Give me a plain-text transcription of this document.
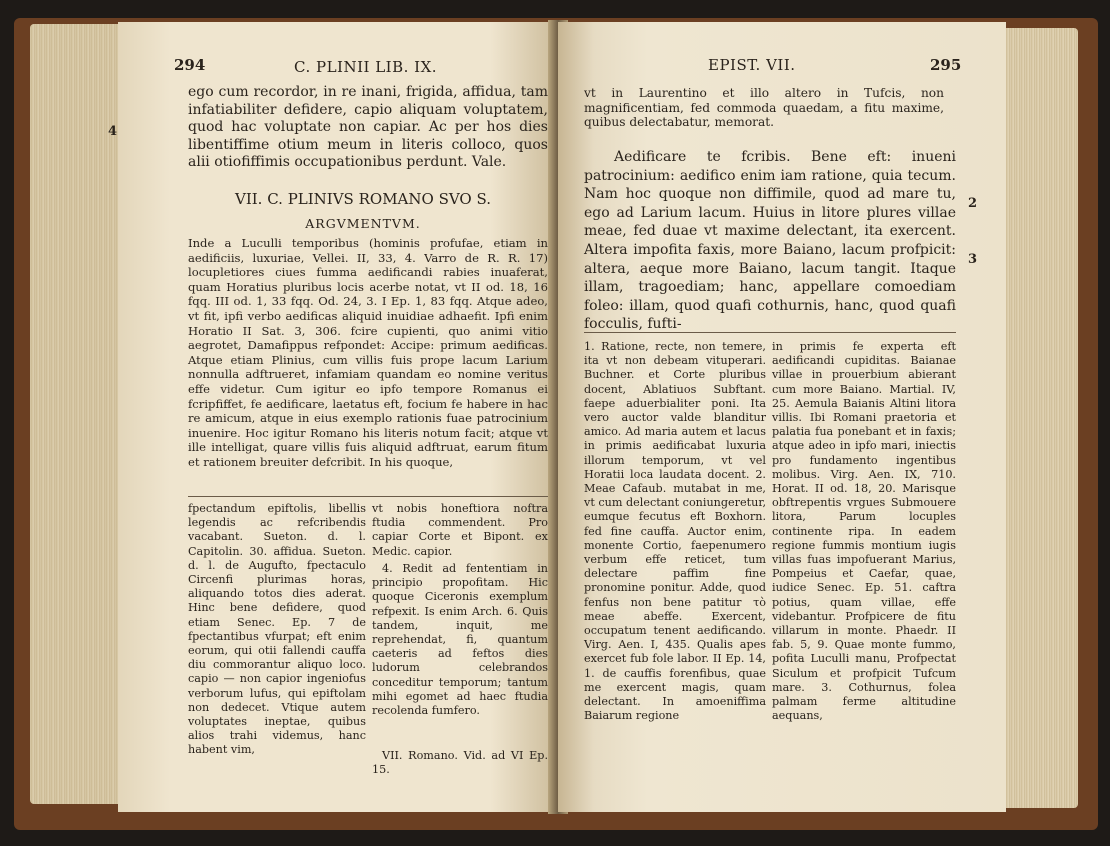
294	C. PLINII LIB. IX.

ego cum recordor, in re inani, frigida, affidua, tam infatiabiliter defidere, capio aliquam voluptatem, quod hac voluptate non capiar. Ac per hos dies libentiffime otium meum in literis colloco, quos alii otiofiffimis occupationibus perdunt. Vale.

VII. C. PLINIVS ROMANO SVO S.

ARGVMENTVM.

Inde a Luculli temporibus (hominis profufae, etiam in aedificiis, luxuriae, Vellei. II, 33, 4. Varro de R. R. 17) locupletiores ciues fumma aedificandi rabies inuaferat, quam Horatius pluribus locis acerbe notat, vt II od. 18, 16 fqq. III od. 1, 33 fqq. Od. 24, 3. I Ep. 1, 83 fqq. Atque adeo, vt fit, ipfi verbo aedificas aliquid inuidiae adhaefit. Ipfi enim Horatio II Sat. 3, 306. fcire cupienti, quo animi vitio aegrotet, Damafippus refpondet: Accipe: primum aedificas. Atque etiam Plinius, cum villis fuis prope lacum Larium nonnulla adftrueret, infamiam quandam eo nomine veritus effe videtur. Cum igitur eo ipfo tempore Romanus ei fcripfiffet, fe aedificare, laetatus eft, focium fe habere in hac re amicum, atque in eius exemplo rationis fuae patrocinium inuenire. Hoc igitur Romano his literis notum facit; atque vt ille intelligat, quare villis fuis aliquid adftruat, earum fitum et rationem breuiter defcribit. In his quoque,

fpectandum epiftolis, libellis legendis ac refcribendis vacabant. Sueton. d. l. Capitolin. 30. affidua. Sueton. d. l. de Augufto, fpectaculo Circenfi plurimas horas, aliquando totos dies aderat. Hinc bene defidere, quod etiam Senec. Ep. 7 de fpectantibus vfurpat; eft enim eorum, qui otii fallendi cauffa diu commorantur aliquo loco. capio — non capior ingeniofus verborum lufus, qui epiftolam non dedecet. Vtique autem voluptates ineptae, quibus alios trahi videmus, hanc habent vim,

vt nobis honeftiora noftra ftudia commendent. Pro capiar Corte et Bipont. ex Medic. capior.

4. Redit ad fententiam in principio propofitam. Hic quoque Ciceronis exemplum refpexit. Is enim Arch. 6. Quis tandem, inquit, me reprehendat, fi, quantum caeteris ad feftos dies ludorum celebrandos conceditur temporum; tantum mihi egomet ad haec ftudia recolenda fumfero.

VII. Romano. Vid. ad VI Ep. 15.

4
EPIST. VII.	295

vt in Laurentino et illo altero in Tufcis, non magnificentiam, fed commoda quaedam, a fitu maxime, quibus delectabatur, memorat.

Aedificare te fcribis. Bene eft: inueni patrocinium: aedifico enim iam ratione, quia tecum. Nam hoc quoque non diffimile, quod ad mare tu, ego ad Larium lacum. Huius in litore plures villae meae, fed duae vt maxime delectant, ita exercent. Altera impofita faxis, more Baiano, lacum profpicit: altera, aeque more Baiano, lacum tangit. Itaque illam, tragoediam; hanc, appellare comoediam foleo: illam, quod quafi cothurnis, hanc, quod quafi focculis, fufti-

1. Ratione, recte, non temere, ita vt non debeam vituperari. Buchner. et Corte pluribus docent, Ablatiuos Subftant. faepe aduerbialiter poni. Ita vero auctor valde blanditur amico. Ad maria autem et lacus in primis aedificabat luxuria illorum temporum, vt vel Horatii loca laudata docent. 2. Meae Cafaub. mutabat in me, vt cum delectant coniungeretur, eumque fecutus eft Boxhorn. fed fine cauffa. Auctor enim, monente Cortio, faepenumero verbum effe reticet, tum delectare paffim fine pronomine ponitur. Adde, quod fenfus non bene patitur τὸ meae abeffe. Exercent, occupatum tenent aedificando. Virg. Aen. I, 435. Qualis apes exercet fub fole labor. II Ep. 14, 1. de cauffis forenfibus, quae me exercent magis, quam delectant. In amoeniffima Baiarum regione

in primis fe experta eft aedificandi cupiditas. Baianae villae in prouerbium abierant cum more Baiano. Martial. IV, 25. Aemula Baianis Altini litora villis. Ibi Romani praetoria et palatia fua ponebant et in faxis; atque adeo in ipfo mari, iniectis pro fundamento ingentibus molibus. Virg. Aen. IX, 710. Horat. II od. 18, 20. Marisque obftrepentis vrgues Submouere litora, Parum locuples continente ripa. In eadem regione fummis montium iugis villas fuas impofuerant Marius, Pompeius et Caefar, quae, iudice Senec. Ep. 51. caftra potius, quam villae, effe videbantur. Profpicere de fitu villarum in monte. Phaedr. II fab. 5, 9. Quae monte fummo, pofita Luculli manu, Profpectat Siculum et profpicit Tufcum mare. 3. Cothurnus, folea palmam ferme altitudine aequans,

2
3
